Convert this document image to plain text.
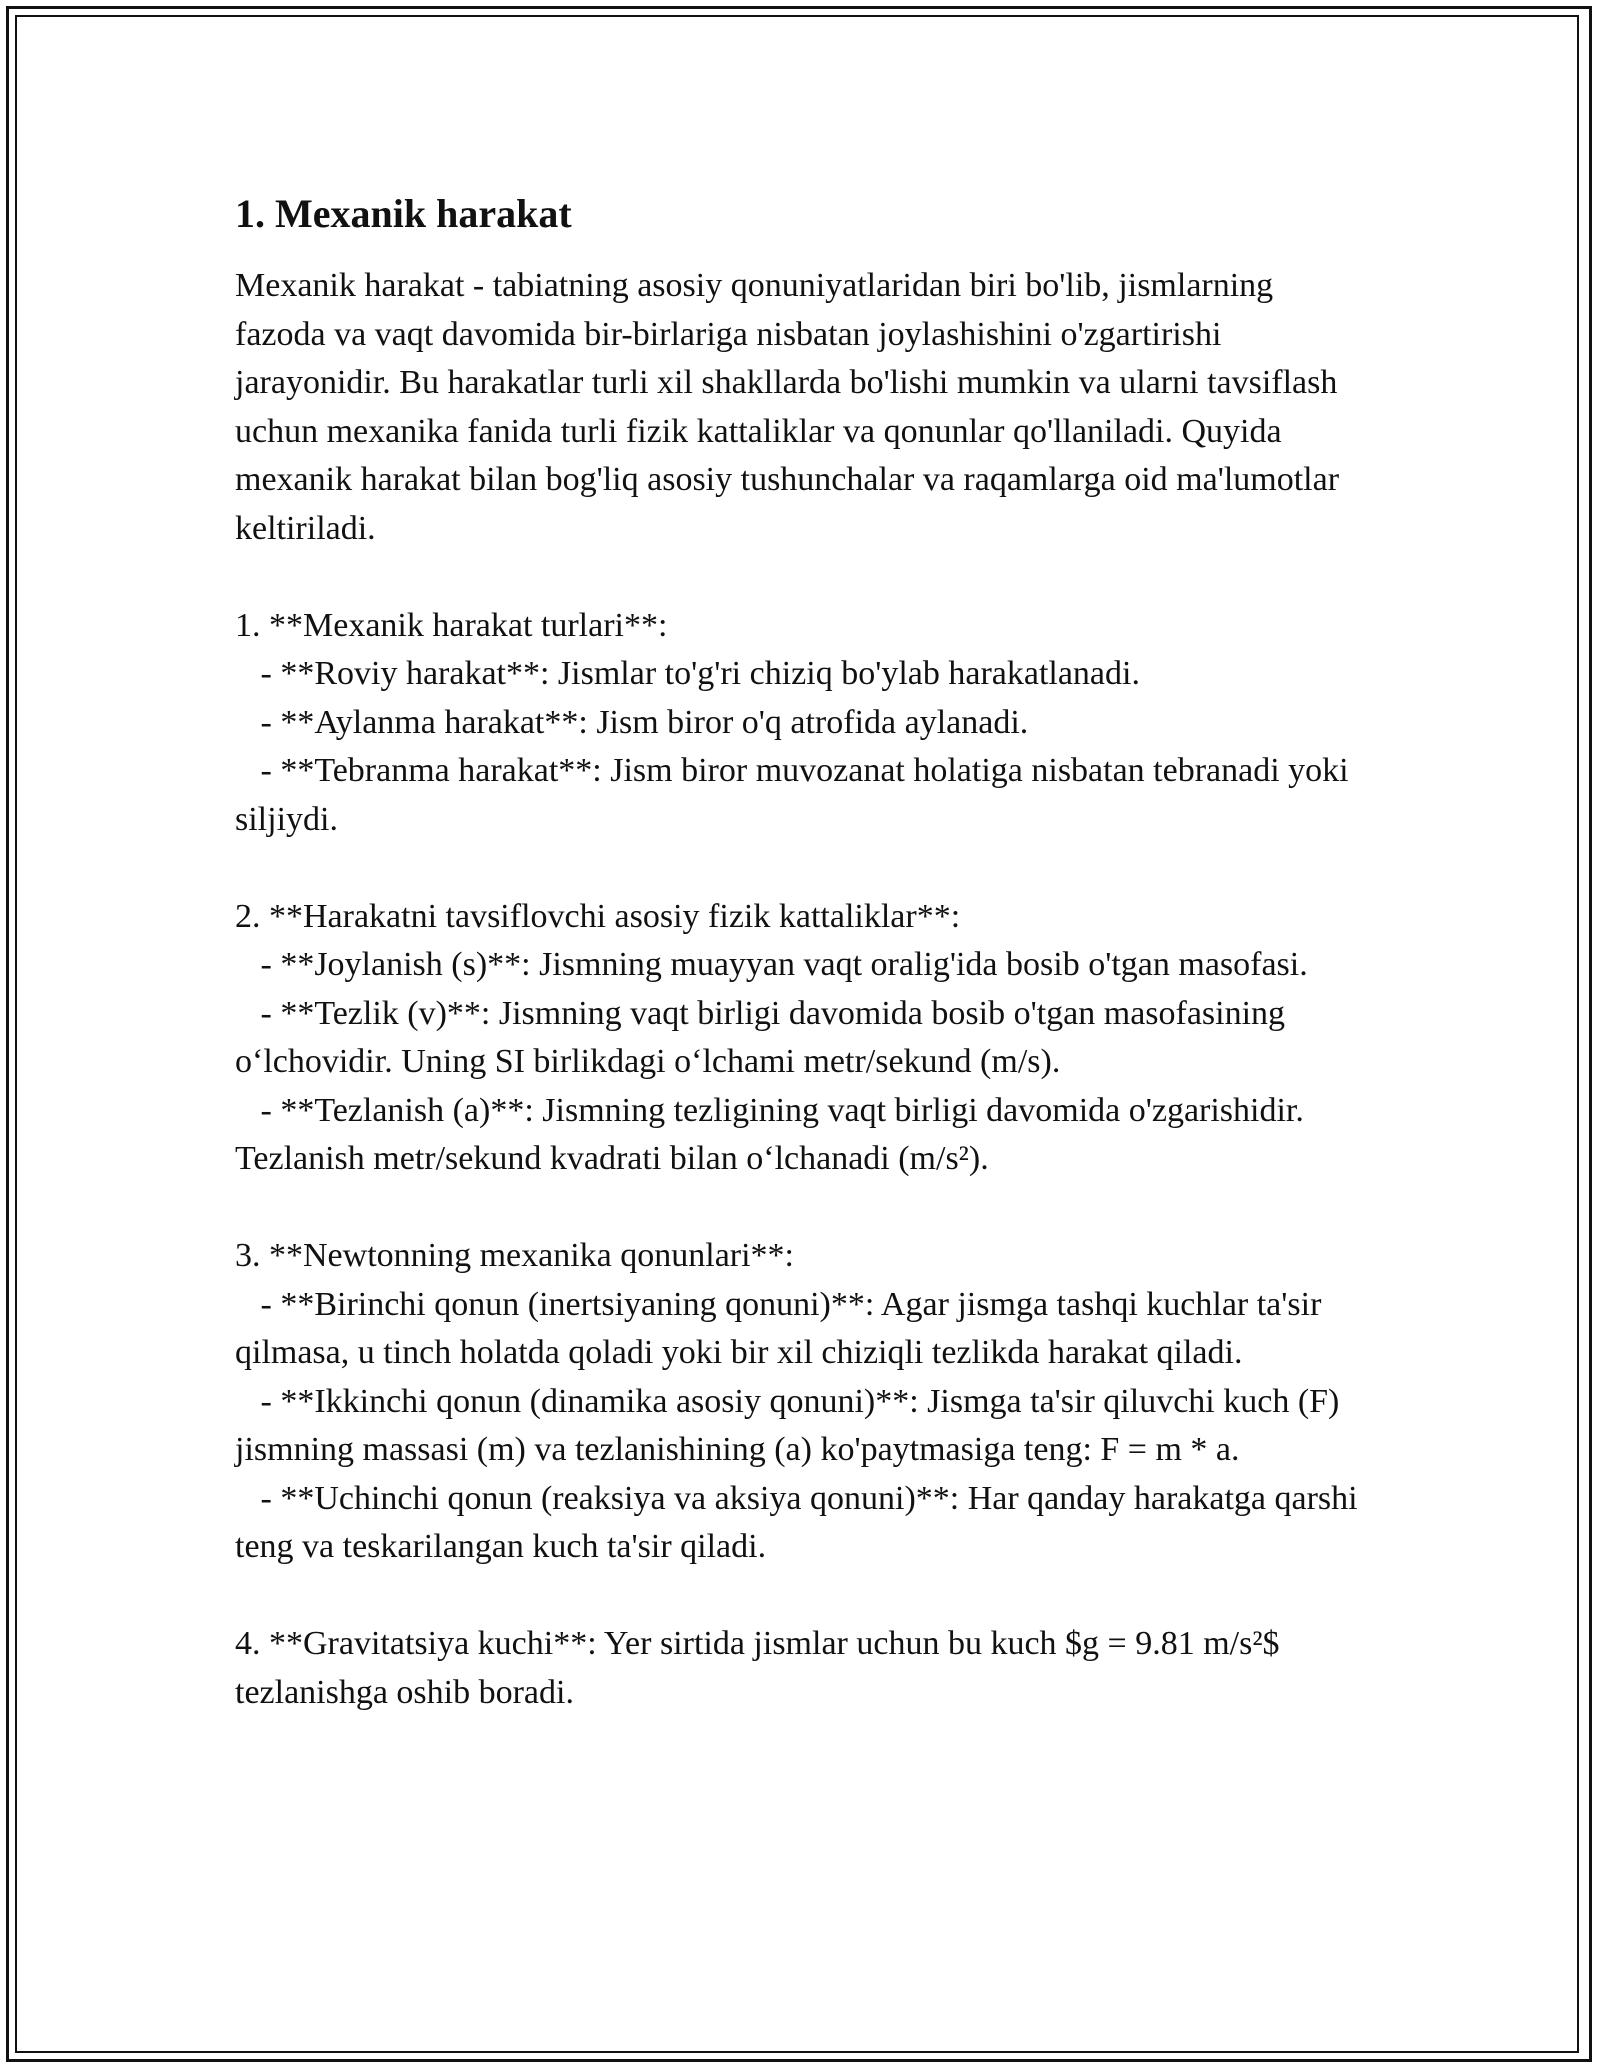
1. Mexanik harakat

Mexanik harakat - tabiatning asosiy qonuniyatlaridan biri bo'lib, jismlarning fazoda va vaqt davomida bir-birlariga nisbatan joylashishini o'zgartirishi jarayonidir. Bu harakatlar turli xil shakllarda bo'lishi mumkin va ularni tavsiflash uchun mexanika fanida turli fizik kattaliklar va qonunlar qo'llaniladi. Quyida mexanik harakat bilan bog'liq asosiy tushunchalar va raqamlarga oid ma'lumotlar keltiriladi.

1. **Mexanik harakat turlari**:

- **Roviy harakat**: Jismlar to'g'ri chiziq bo'ylab harakatlanadi.

- **Aylanma harakat**: Jism biror o'q atrofida aylanadi.

- **Tebranma harakat**: Jism biror muvozanat holatiga nisbatan tebranadi yoki siljiydi.

2. **Harakatni tavsiflovchi asosiy fizik kattaliklar**:

- **Joylanish (s)**: Jismning muayyan vaqt oralig'ida bosib o'tgan masofasi.

- **Tezlik (v)**: Jismning vaqt birligi davomida bosib o'tgan masofasining o‘lchovidir. Uning SI birlikdagi o‘lchami metr/sekund (m/s).

- **Tezlanish (a)**: Jismning tezligining vaqt birligi davomida o'zgarishidir. Tezlanish metr/sekund kvadrati bilan o‘lchanadi (m/s²).

3. **Newtonning mexanika qonunlari**:

- **Birinchi qonun (inertsiyaning qonuni)**: Agar jismga tashqi kuchlar ta'sir qilmasa, u tinch holatda qoladi yoki bir xil chiziqli tezlikda harakat qiladi.

- **Ikkinchi qonun (dinamika asosiy qonuni)**: Jismga ta'sir qiluvchi kuch (F) jismning massasi (m) va tezlanishining (a) ko'paytmasiga teng: F = m * a.

- **Uchinchi qonun (reaksiya va aksiya qonuni)**: Har qanday harakatga qarshi teng va teskarilangan kuch ta'sir qiladi.

4. **Gravitatsiya kuchi**: Yer sirtida jismlar uchun bu kuch $g = 9.81 m/s²$ tezlanishga oshib boradi.
